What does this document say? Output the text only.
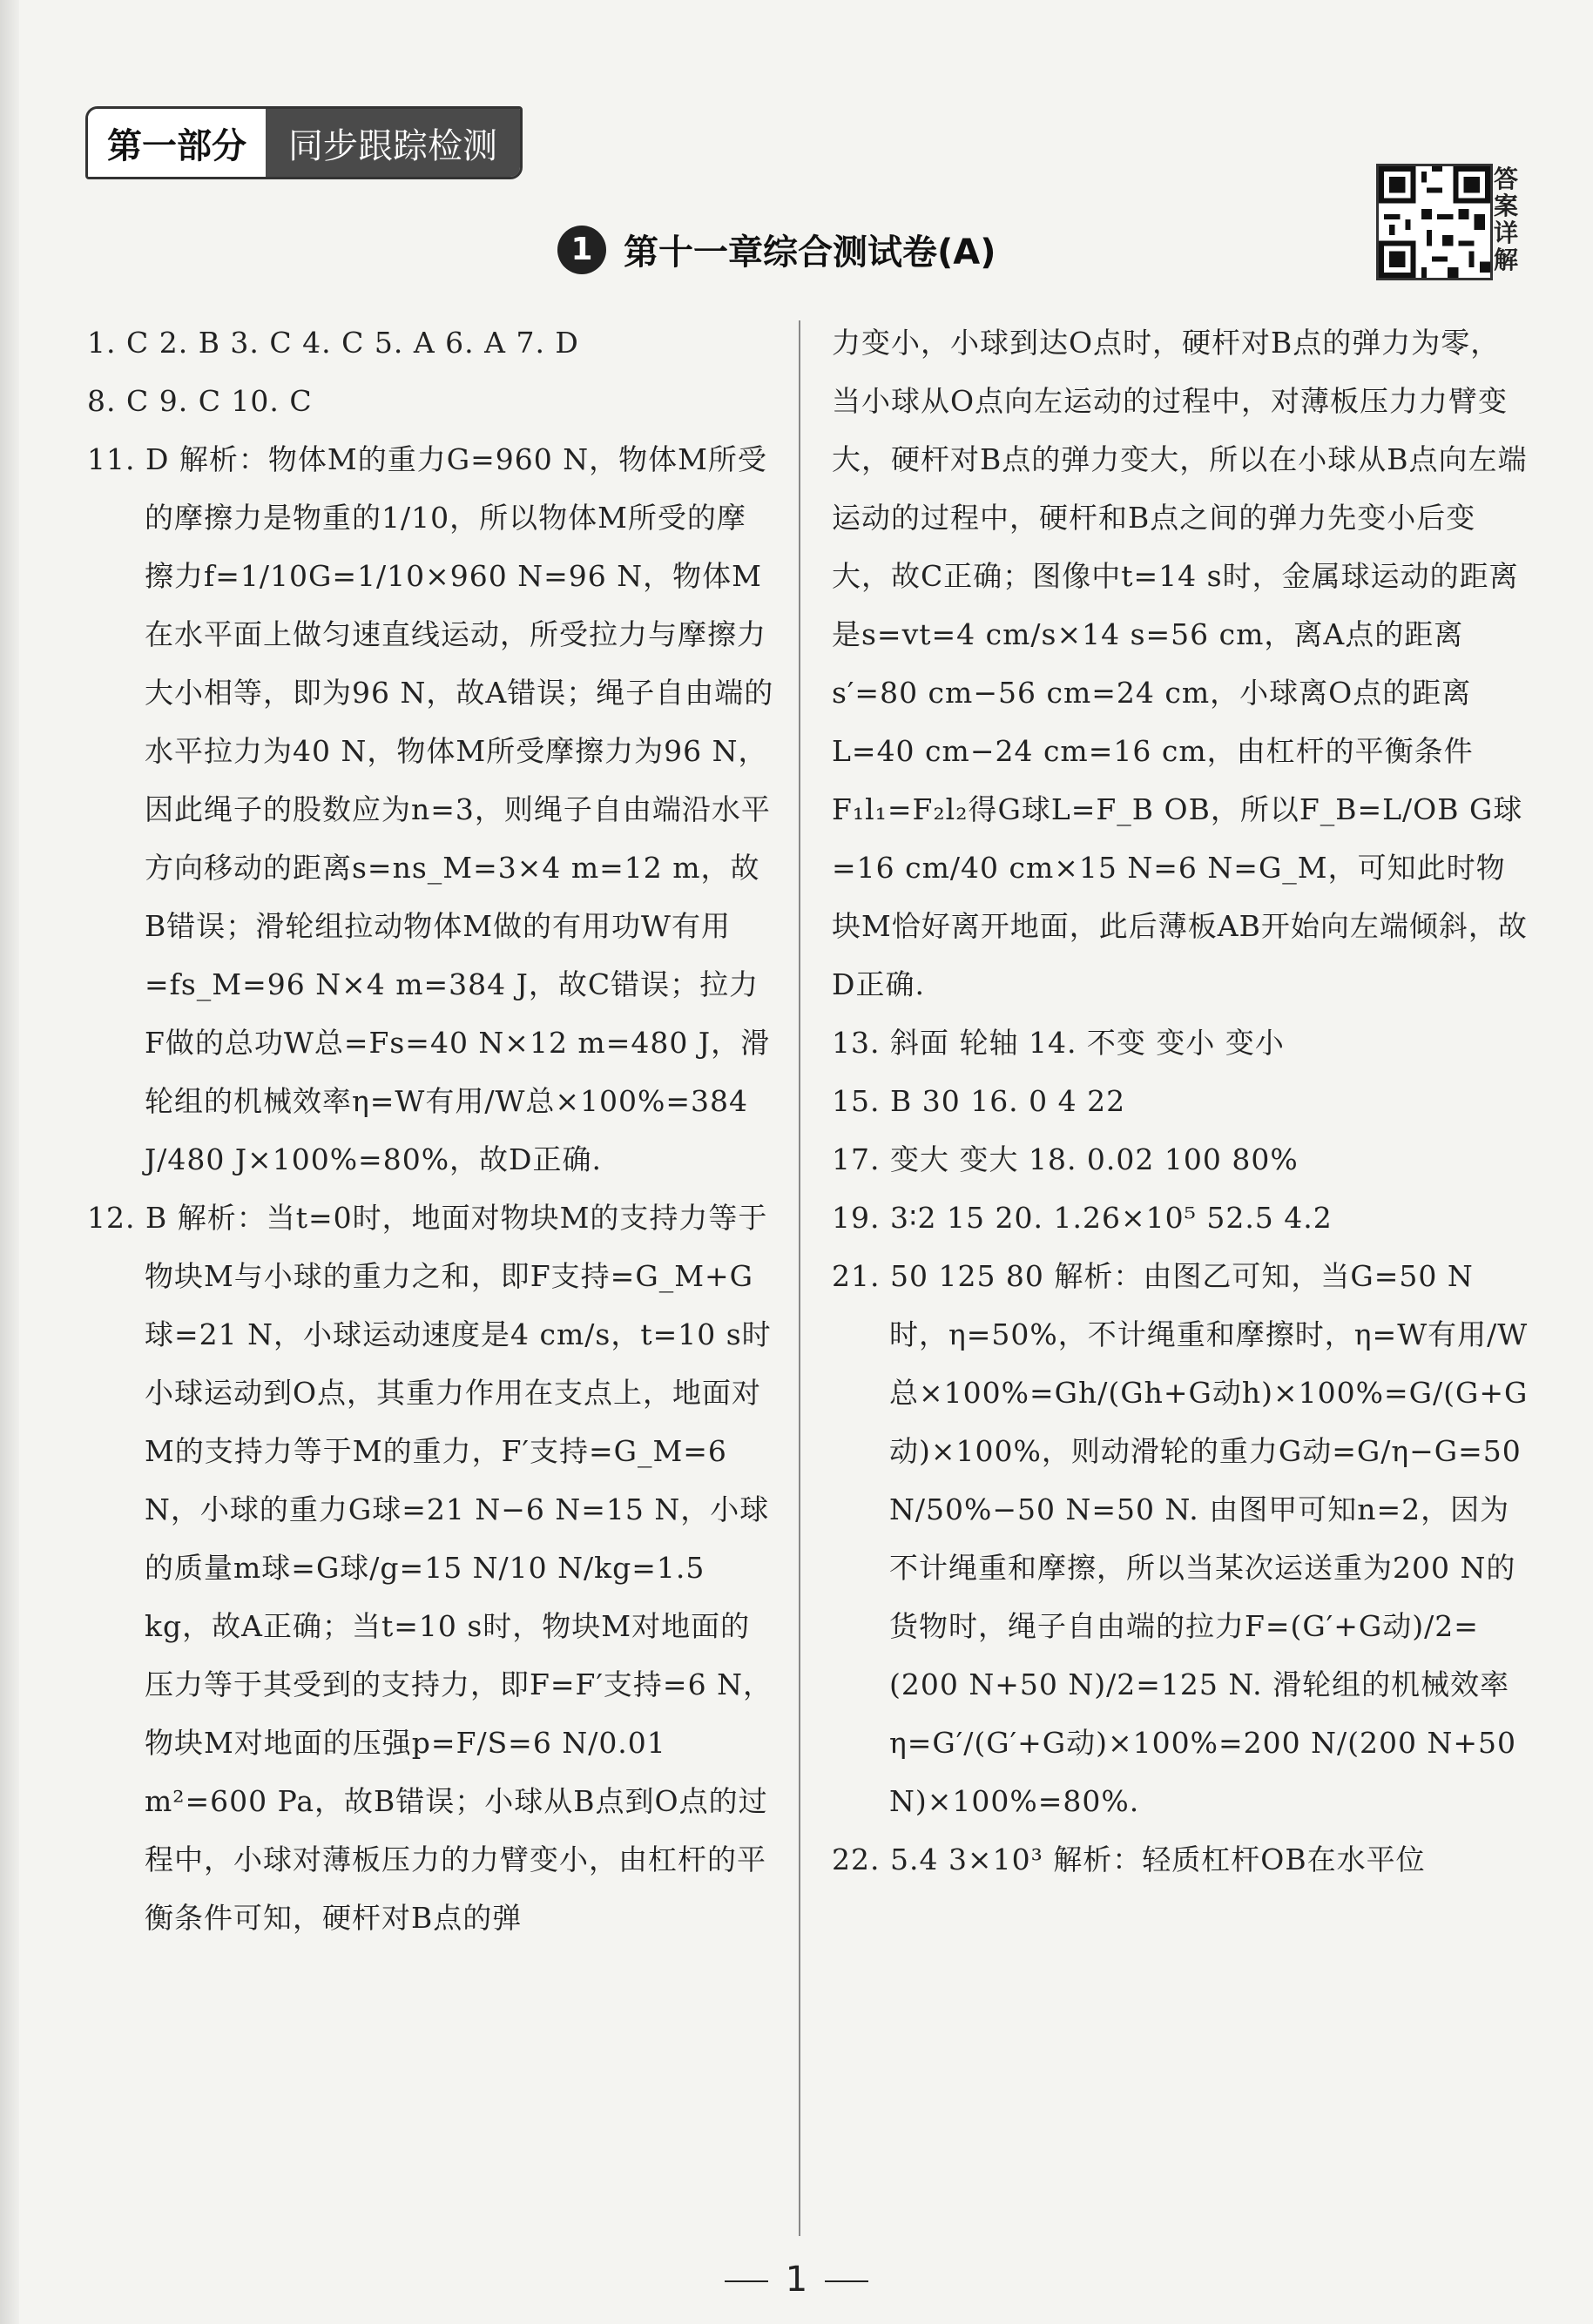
第一部分	同步跟踪检测
答案详解
1 第十一章综合测试卷(A)

1. C 2. B 3. C 4. C 5. A 6. A 7. D

8. C 9. C 10. C

11. D 解析：物体M的重力G=960 N，物体M所受的摩擦力是物重的1/10，所以物体M所受的摩擦力f=1/10G=1/10×960 N=96 N，物体M在水平面上做匀速直线运动，所受拉力与摩擦力大小相等，即为96 N，故A错误；绳子自由端的水平拉力为40 N，物体M所受摩擦力为96 N，因此绳子的股数应为n=3，则绳子自由端沿水平方向移动的距离s=ns_M=3×4 m=12 m，故B错误；滑轮组拉动物体M做的有用功W有用=fs_M=96 N×4 m=384 J，故C错误；拉力F做的总功W总=Fs=40 N×12 m=480 J，滑轮组的机械效率η=W有用/W总×100%=384 J/480 J×100%=80%，故D正确.

12. B 解析：当t=0时，地面对物块M的支持力等于物块M与小球的重力之和，即F支持=G_M+G球=21 N，小球运动速度是4 cm/s，t=10 s时小球运动到O点，其重力作用在支点上，地面对M的支持力等于M的重力，F′支持=G_M=6 N，小球的重力G球=21 N−6 N=15 N，小球的质量m球=G球/g=15 N/10 N/kg=1.5 kg，故A正确；当t=10 s时，物块M对地面的压力等于其受到的支持力，即F=F′支持=6 N，物块M对地面的压强p=F/S=6 N/0.01 m²=600 Pa，故B错误；小球从B点到O点的过程中，小球对薄板压力的力臂变小，由杠杆的平衡条件可知，硬杆对B点的弹

力变小，小球到达O点时，硬杆对B点的弹力为零，当小球从O点向左运动的过程中，对薄板压力力臂变大，硬杆对B点的弹力变大，所以在小球从B点向左端运动的过程中，硬杆和B点之间的弹力先变小后变大，故C正确；图像中t=14 s时，金属球运动的距离是s=vt=4 cm/s×14 s=56 cm，离A点的距离s′=80 cm−56 cm=24 cm，小球离O点的距离L=40 cm−24 cm=16 cm，由杠杆的平衡条件F₁l₁=F₂l₂得G球L=F_B OB，所以F_B=L/OB G球=16 cm/40 cm×15 N=6 N=G_M，可知此时物块M恰好离开地面，此后薄板AB开始向左端倾斜，故D正确.

13. 斜面 轮轴 14. 不变 变小 变小

15. B 30 16. 0 4 22

17. 变大 变大 18. 0.02 100 80%

19. 3∶2 15 20. 1.26×10⁵ 52.5 4.2

21. 50 125 80 解析：由图乙可知，当G=50 N时，η=50%，不计绳重和摩擦时，η=W有用/W总×100%=Gh/(Gh+G动h)×100%=G/(G+G动)×100%，则动滑轮的重力G动=G/η−G=50 N/50%−50 N=50 N. 由图甲可知n=2，因为不计绳重和摩擦，所以当某次运送重为200 N的货物时，绳子自由端的拉力F=(G′+G动)/2=(200 N+50 N)/2=125 N. 滑轮组的机械效率η=G′/(G′+G动)×100%=200 N/(200 N+50 N)×100%=80%.

22. 5.4 3×10³ 解析：轻质杠杆OB在水平位

1
